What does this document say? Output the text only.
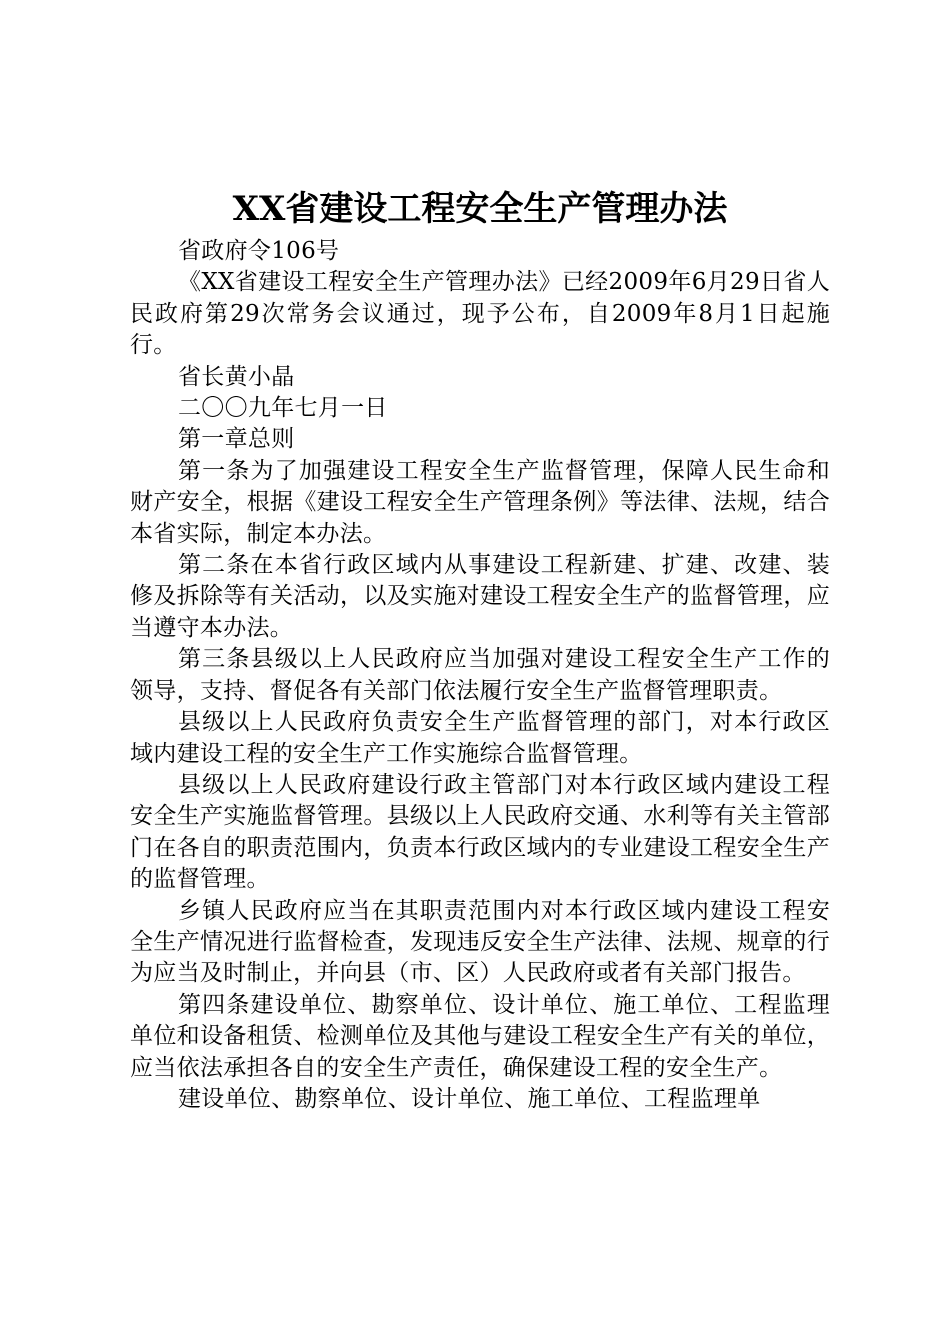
XX省建设工程安全生产管理办法

省政府令106号

《XX省建设工程安全生产管理办法》已经2009年6月29日省人民政府第29次常务会议通过，现予公布，自2009年8月1日起施行。

省长黄小晶

二〇〇九年七月一日

第一章总则

第一条为了加强建设工程安全生产监督管理，保障人民生命和财产安全，根据《建设工程安全生产管理条例》等法律、法规，结合本省实际，制定本办法。

第二条在本省行政区域内从事建设工程新建、扩建、改建、装修及拆除等有关活动，以及实施对建设工程安全生产的监督管理，应当遵守本办法。

第三条县级以上人民政府应当加强对建设工程安全生产工作的领导，支持、督促各有关部门依法履行安全生产监督管理职责。

县级以上人民政府负责安全生产监督管理的部门，对本行政区域内建设工程的安全生产工作实施综合监督管理。

县级以上人民政府建设行政主管部门对本行政区域内建设工程安全生产实施监督管理。县级以上人民政府交通、水利等有关主管部门在各自的职责范围内，负责本行政区域内的专业建设工程安全生产的监督管理。

乡镇人民政府应当在其职责范围内对本行政区域内建设工程安全生产情况进行监督检查，发现违反安全生产法律、法规、规章的行为应当及时制止，并向县（市、区）人民政府或者有关部门报告。

第四条建设单位、勘察单位、设计单位、施工单位、工程监理单位和设备租赁、检测单位及其他与建设工程安全生产有关的单位，应当依法承担各自的安全生产责任，确保建设工程的安全生产。

建设单位、勘察单位、设计单位、施工单位、工程监理单
